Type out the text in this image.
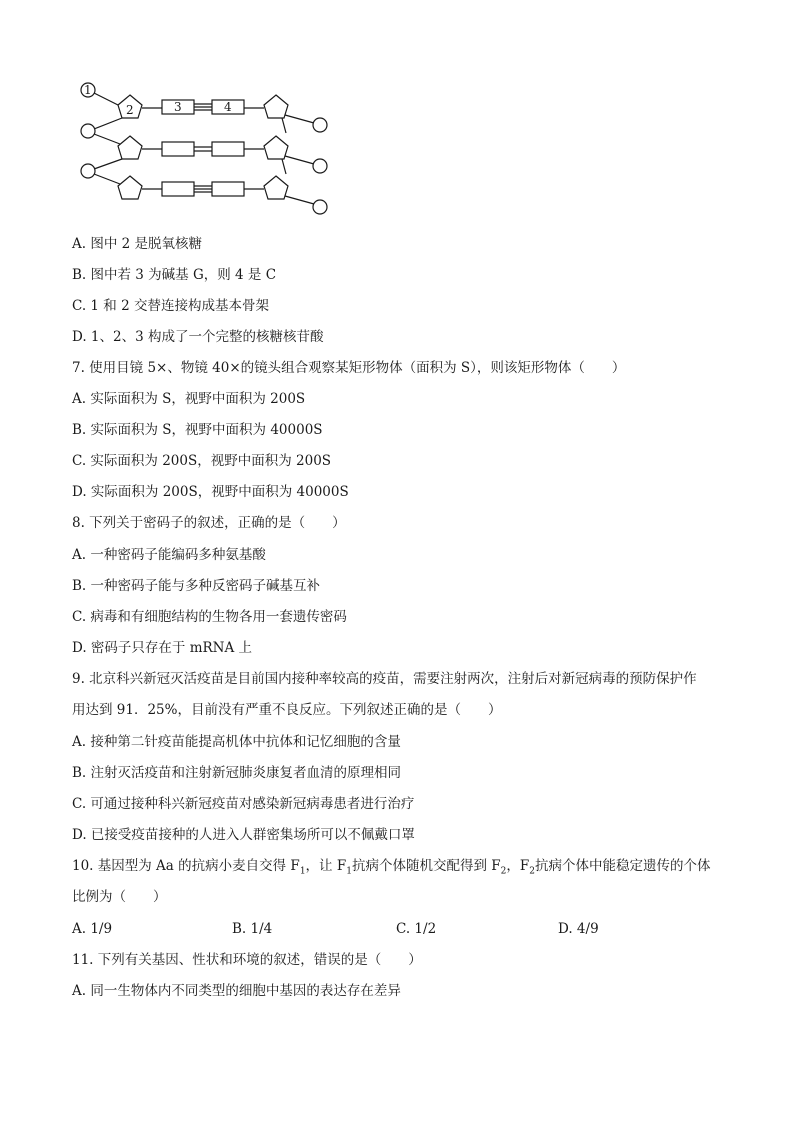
1
2	3	4
A. 图中 2 是脱氧核糖
B. 图中若 3 为碱基 G，则 4 是 C
C. 1 和 2 交替连接构成基本骨架
D. 1、2、3 构成了一个完整的核糖核苷酸
7. 使用目镜 5×、物镜 40×的镜头组合观察某矩形物体（面积为 S），则该矩形物体（　　）
A. 实际面积为 S，视野中面积为 200S
B. 实际面积为 S，视野中面积为 40000S
C. 实际面积为 200S，视野中面积为 200S
D. 实际面积为 200S，视野中面积为 40000S
8. 下列关于密码子的叙述，正确的是（　　）
A. 一种密码子能编码多种氨基酸
B. 一种密码子能与多种反密码子碱基互补
C. 病毒和有细胞结构的生物各用一套遗传密码
D. 密码子只存在于 mRNA 上
9. 北京科兴新冠灭活疫苗是目前国内接种率较高的疫苗，需要注射两次，注射后对新冠病毒的预防保护作
用达到 91．25%，目前没有严重不良反应。下列叙述正确的是（　　）
A. 接种第二针疫苗能提高机体中抗体和记忆细胞的含量
B. 注射灭活疫苗和注射新冠肺炎康复者血清的原理相同
C. 可通过接种科兴新冠疫苗对感染新冠病毒患者进行治疗
D. 已接受疫苗接种的人进入人群密集场所可以不佩戴口罩
10. 基因型为 Aa 的抗病小麦自交得 $F_1$，让 $F_1$抗病个体随机交配得到 $F_2$，$F_2$抗病个体中能稳定遗传的个体
比例为（　　）
A. 1/9	B. 1/4	C. 1/2	D. 4/9
11. 下列有关基因、性状和环境的叙述，错误的是（　　）
A. 同一生物体内不同类型的细胞中基因的表达存在差异
